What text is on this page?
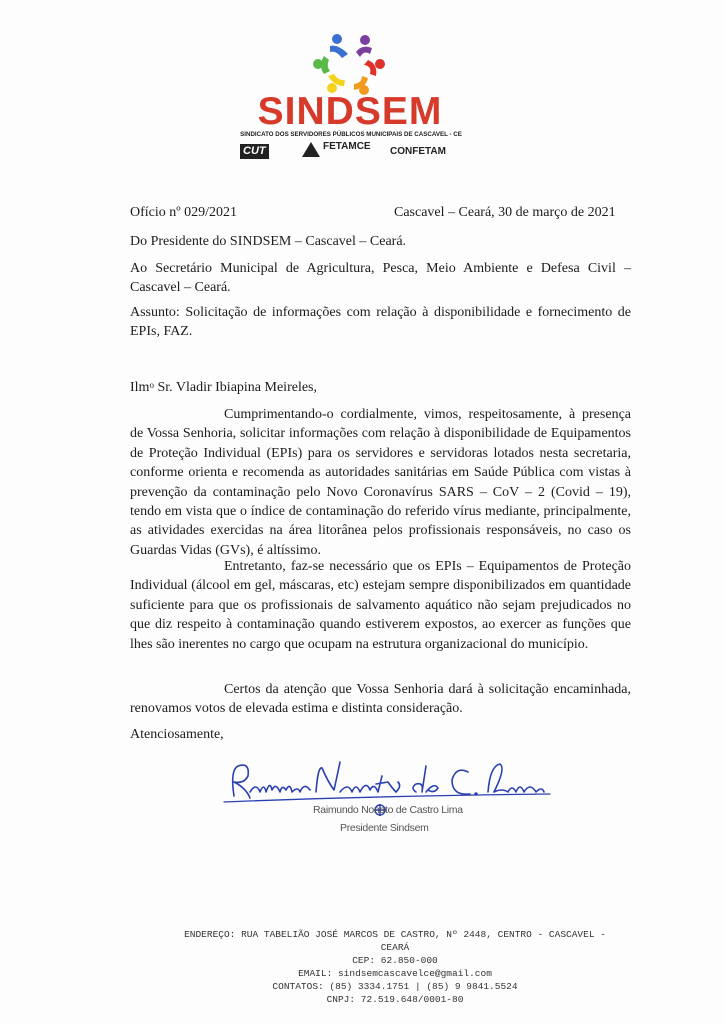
SINDSEM
SINDICATO DOS SERVIDORES PÚBLICOS MUNICIPAIS DE CASCAVEL - CE
CUT	FETAMCE CONFETAM
Ofício nº 029/2021	Cascavel – Ceará, 30 de março de 2021
Do Presidente do SINDSEM – Cascavel – Ceará.
Ao Secretário Municipal de Agricultura, Pesca, Meio Ambiente e Defesa Civil – Cascavel – Ceará.
Assunto: Solicitação de informações com relação à disponibilidade e fornecimento de EPIs, FAZ.
Ilm$^o$ Sr. Vladir Ibiapina Meireles,
Cumprimentando-o cordialmente, vimos, respeitosamente, à presença de Vossa Senhoria, solicitar informações com relação à disponibilidade de Equipamentos de Proteção Individual (EPIs) para os servidores e servidoras lotados nesta secretaria, conforme orienta e recomenda as autoridades sanitárias em Saúde Pública com vistas à prevenção da contaminação pelo Novo Coronavírus SARS – CoV – 2 (Covid – 19), tendo em vista que o índice de contaminação do referido vírus mediante, principalmente, as atividades exercidas na área litorânea pelos profissionais responsáveis, no caso os Guardas Vidas (GVs), é altíssimo.
Entretanto, faz-se necessário que os EPIs – Equipamentos de Proteção Individual (álcool em gel, máscaras, etc) estejam sempre disponibilizados em quantidade suficiente para que os profissionais de salvamento aquático não sejam prejudicados no que diz respeito à contaminação quando estiverem expostos, ao exercer as funções que lhes são inerentes no cargo que ocupam na estrutura organizacional do município.
Certos da atenção que Vossa Senhoria dará à solicitação encaminhada, renovamos votos de elevada estima e distinta consideração.
Atenciosamente,
Raimundo Nonato de Castro Lima
Presidente Sindsem
ENDEREÇO: RUA TABELIÃO JOSÉ MARCOS DE CASTRO, Nº 2448, CENTRO - CASCAVEL -
CEARÁ
CEP: 62.850-000
EMAIL: sindsemcascavelce@gmail.com
CONTATOS: (85) 3334.1751 | (85) 9 9841.5524
CNPJ: 72.519.648/0001-80
